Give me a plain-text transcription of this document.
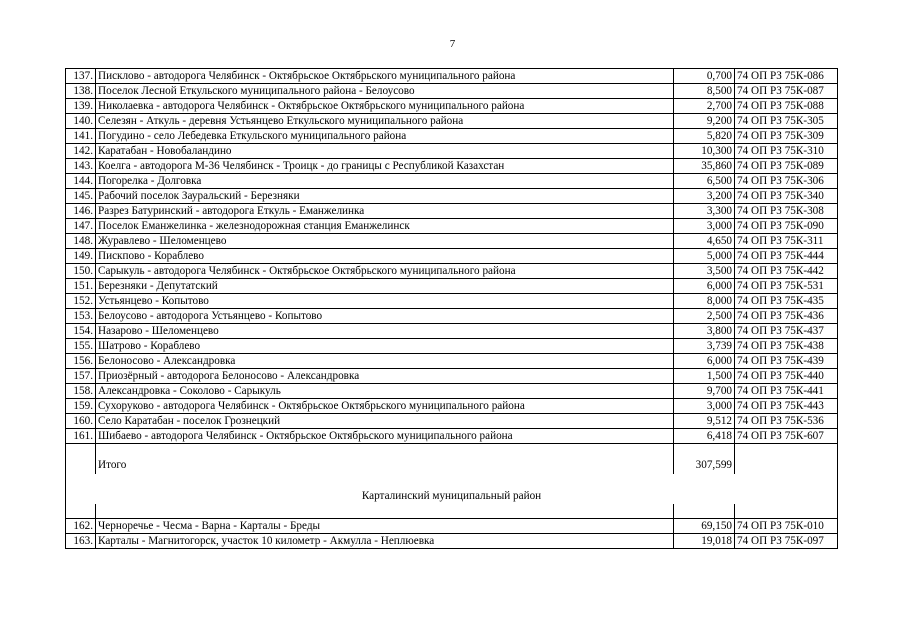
7
137.	Писклово - автодорога Челябинск - Октябрьское Октябрьского муниципального района	0,700	74 ОП РЗ 75К-086
138.	Поселок Лесной Еткульского муниципального района - Белоусово	8,500	74 ОП РЗ 75К-087
139.	Николаевка - автодорога Челябинск - Октябрьское Октябрьского муниципального района	2,700	74 ОП РЗ 75К-088
140.	Селезян - Аткуль - деревня Устьянцево Еткульского муниципального района	9,200	74 ОП РЗ 75К-305
141.	Погудино - село Лебедевка Еткульского муниципального района	5,820	74 ОП РЗ 75К-309
142.	Каратабан - Новобаландино	10,300	74 ОП РЗ 75К-310
143.	Коелга - автодорога М-36 Челябинск - Троицк - до границы с Республикой Казахстан	35,860	74 ОП РЗ 75К-089
144.	Погорелка - Долговка	6,500	74 ОП РЗ 75К-306
145.	Рабочий поселок Зауральский - Березняки	3,200	74 ОП РЗ 75К-340
146.	Разрез Батуринский - автодорога Еткуль - Еманжелинка	3,300	74 ОП РЗ 75К-308
147.	Поселок Еманжелинка - железнодорожная станция Еманжелинск	3,000	74 ОП РЗ 75К-090
148.	Журавлево - Шеломенцево	4,650	74 ОП РЗ 75К-311
149.	Пискпово - Кораблево	5,000	74 ОП РЗ 75К-444
150.	Сарыкуль - автодорога Челябинск - Октябрьское Октябрьского муниципального района	3,500	74 ОП РЗ 75К-442
151.	Березняки - Депутатский	6,000	74 ОП РЗ 75К-531
152.	Устьянцево - Копытово	8,000	74 ОП РЗ 75К-435
153.	Белоусово - автодорога Устьянцево - Копытово	2,500	74 ОП РЗ 75К-436
154.	Назарово - Шеломенцево	3,800	74 ОП РЗ 75К-437
155.	Шатрово - Кораблево	3,739	74 ОП РЗ 75К-438
156.	Белоносово - Александровка	6,000	74 ОП РЗ 75К-439
157.	Приозёрный - автодорога Белоносово - Александровка	1,500	74 ОП РЗ 75К-440
158.	Александровка - Соколово - Сарыкуль	9,700	74 ОП РЗ 75К-441
159.	Сухоруково - автодорога Челябинск - Октябрьское Октябрьского муниципального района	3,000	74 ОП РЗ 75К-443
160.	Село Каратабан - поселок Грознецкий	9,512	74 ОП РЗ 75К-536
161.	Шибаево - автодорога Челябинск - Октябрьское Октябрьского муниципального района	6,418	74 ОП РЗ 75К-607

	Итого	307,599	

Карталинский муниципальный район			

162.	Черноречье - Чесма - Варна - Карталы - Бреды	69,150	74 ОП РЗ 75К-010
163.	Карталы - Магнитогорск, участок 10 километр - Акмулла - Неплюевка	19,018	74 ОП РЗ 75К-097
